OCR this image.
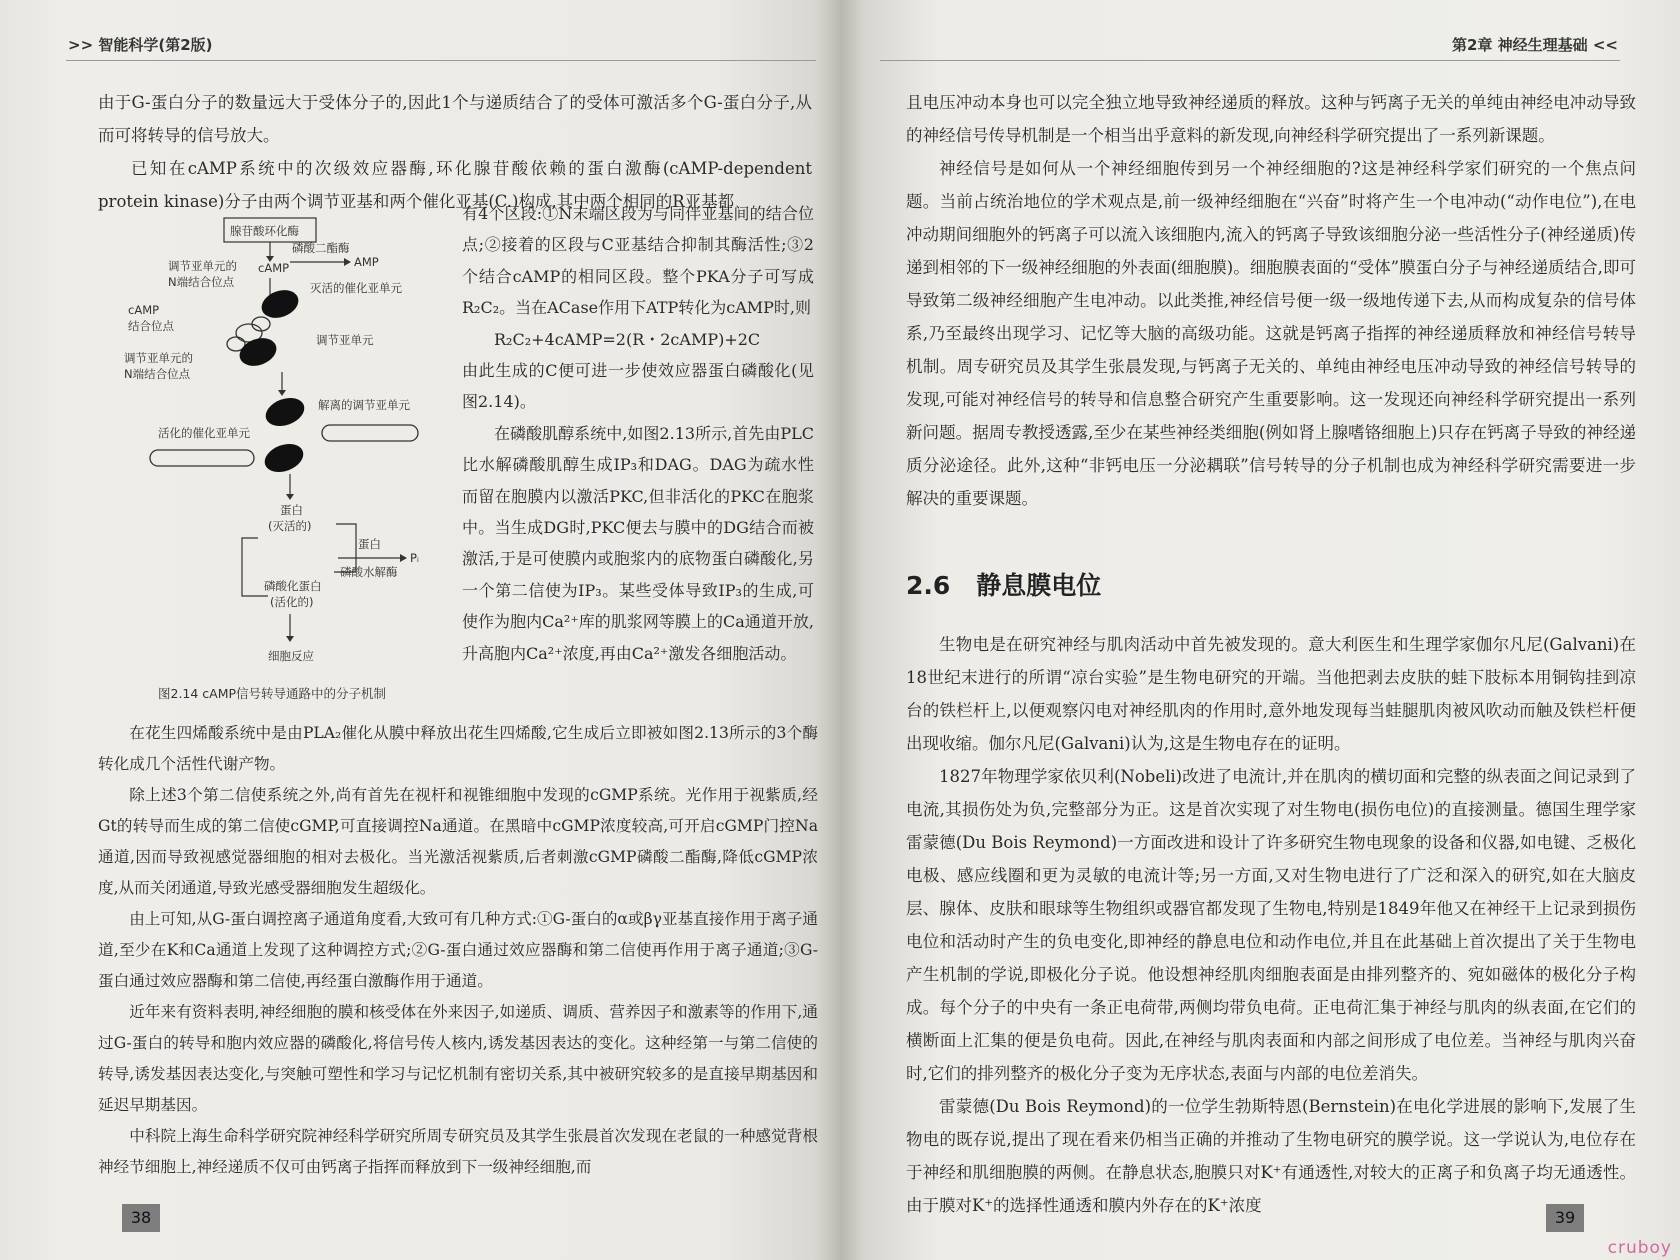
>> 智能科学(第2版)

由于G-蛋白分子的数量远大于受体分子的,因此1个与递质结合了的受体可激活多个G-蛋白分子,从而可将转导的信号放大。

已知在cAMP系统中的次级效应器酶,环化腺苷酸依赖的蛋白激酶(cAMP-dependent protein kinase)分子由两个调节亚基和两个催化亚基(C.)构成,其中两个相同的R亚基都

腺苷酸环化酶
cAMP
磷酸二酯酶
AMP
调节亚单元的
N端结合位点	灭活的催化亚单元
cAMP
结合位点
调节亚单元
调节亚单元的
N端结合位点
解离的调节亚单元
活化的催化亚单元
蛋白
(灭活的)
蛋白
Pᵢ
磷酸水解酶
磷酸化蛋白
(活化的)
细胞反应
图2.14 cAMP信号转导通路中的分子机制

有4个区段:①N末端区段为与同伴亚基间的结合位点;②接着的区段与C亚基结合抑制其酶活性;③2个结合cAMP的相同区段。整个PKA分子可写成R₂C₂。当在ACase作用下ATP转化为cAMP时,则

R₂C₂+4cAMP=2(R・2cAMP)+2C

由此生成的C便可进一步使效应器蛋白磷酸化(见图2.14)。

在磷酸肌醇系统中,如图2.13所示,首先由PLC比水解磷酸肌醇生成IP₃和DAG。DAG为疏水性而留在胞膜内以激活PKC,但非活化的PKC在胞浆中。当生成DG时,PKC便去与膜中的DG结合而被激活,于是可使膜内或胞浆内的底物蛋白磷酸化,另一个第二信使为IP₃。某些受体导致IP₃的生成,可使作为胞内Ca²⁺库的肌浆网等膜上的Ca通道开放,升高胞内Ca²⁺浓度,再由Ca²⁺激发各细胞活动。

在花生四烯酸系统中是由PLA₂催化从膜中释放出花生四烯酸,它生成后立即被如图2.13所示的3个酶转化成几个活性代谢产物。

除上述3个第二信使系统之外,尚有首先在视杆和视锥细胞中发现的cGMP系统。光作用于视紫质,经Gt的转导而生成的第二信使cGMP,可直接调控Na通道。在黑暗中cGMP浓度较高,可开启cGMP门控Na通道,因而导致视感觉器细胞的相对去极化。当光激活视紫质,后者刺激cGMP磷酸二酯酶,降低cGMP浓度,从而关闭通道,导致光感受器细胞发生超级化。

由上可知,从G-蛋白调控离子通道角度看,大致可有几种方式:①G-蛋白的α或βγ亚基直接作用于离子通道,至少在K和Ca通道上发现了这种调控方式;②G-蛋白通过效应器酶和第二信使再作用于离子通道;③G-蛋白通过效应器酶和第二信使,再经蛋白激酶作用于通道。

近年来有资料表明,神经细胞的膜和核受体在外来因子,如递质、调质、营养因子和激素等的作用下,通过G-蛋白的转导和胞内效应器的磷酸化,将信号传人核内,诱发基因表达的变化。这种经第一与第二信使的转导,诱发基因表达变化,与突触可塑性和学习与记忆机制有密切关系,其中被研究较多的是直接早期基因和延迟早期基因。

中科院上海生命科学研究院神经科学研究所周专研究员及其学生张晨首次发现在老鼠的一种感觉背根神经节细胞上,神经递质不仅可由钙离子指挥而释放到下一级神经细胞,而

38
第2章 神经生理基础 <<

且电压冲动本身也可以完全独立地导致神经递质的释放。这种与钙离子无关的单纯由神经电冲动导致的神经信号传导机制是一个相当出乎意料的新发现,向神经科学研究提出了一系列新课题。

神经信号是如何从一个神经细胞传到另一个神经细胞的?这是神经科学家们研究的一个焦点问题。当前占统治地位的学术观点是,前一级神经细胞在“兴奋”时将产生一个电冲动(“动作电位”),在电冲动期间细胞外的钙离子可以流入该细胞内,流入的钙离子导致该细胞分泌一些活性分子(神经递质)传递到相邻的下一级神经细胞的外表面(细胞膜)。细胞膜表面的“受体”膜蛋白分子与神经递质结合,即可导致第二级神经细胞产生电冲动。以此类推,神经信号便一级一级地传递下去,从而构成复杂的信号体系,乃至最终出现学习、记忆等大脑的高级功能。这就是钙离子指挥的神经递质释放和神经信号转导机制。周专研究员及其学生张晨发现,与钙离子无关的、单纯由神经电压冲动导致的神经信号转导的发现,可能对神经信号的转导和信息整合研究产生重要影响。这一发现还向神经科学研究提出一系列新问题。据周专教授透露,至少在某些神经类细胞(例如肾上腺嗜铬细胞上)只存在钙离子导致的神经递质分泌途径。此外,这种“非钙电压一分泌耦联”信号转导的分子机制也成为神经科学研究需要进一步解决的重要课题。

2.6 静息膜电位

生物电是在研究神经与肌肉活动中首先被发现的。意大利医生和生理学家伽尔凡尼(Galvani)在18世纪末进行的所谓“凉台实验”是生物电研究的开端。当他把剥去皮肤的蛙下肢标本用铜钩挂到凉台的铁栏杆上,以便观察闪电对神经肌肉的作用时,意外地发现每当蛙腿肌肉被风吹动而触及铁栏杆便出现收缩。伽尔凡尼(Galvani)认为,这是生物电存在的证明。

1827年物理学家依贝利(Nobeli)改进了电流计,并在肌肉的横切面和完整的纵表面之间记录到了电流,其损伤处为负,完整部分为正。这是首次实现了对生物电(损伤电位)的直接测量。德国生理学家雷蒙德(Du Bois Reymond)一方面改进和设计了许多研究生物电现象的设备和仪器,如电键、乏极化电极、感应线圈和更为灵敏的电流计等;另一方面,又对生物电进行了广泛和深入的研究,如在大脑皮层、腺体、皮肤和眼球等生物组织或器官都发现了生物电,特别是1849年他又在神经干上记录到损伤电位和活动时产生的负电变化,即神经的静息电位和动作电位,并且在此基础上首次提出了关于生物电产生机制的学说,即极化分子说。他设想神经肌肉细胞表面是由排列整齐的、宛如磁体的极化分子构成。每个分子的中央有一条正电荷带,两侧均带负电荷。正电荷汇集于神经与肌肉的纵表面,在它们的横断面上汇集的便是负电荷。因此,在神经与肌肉表面和内部之间形成了电位差。当神经与肌肉兴奋时,它们的排列整齐的极化分子变为无序状态,表面与内部的电位差消失。

雷蒙德(Du Bois Reymond)的一位学生勃斯特恩(Bernstein)在电化学进展的影响下,发展了生物电的既存说,提出了现在看来仍相当正确的并推动了生物电研究的膜学说。这一学说认为,电位存在于神经和肌细胞膜的两侧。在静息状态,胞膜只对K⁺有通透性,对较大的正离子和负离子均无通透性。由于膜对K⁺的选择性通透和膜内外存在的K⁺浓度

39
cruboy
